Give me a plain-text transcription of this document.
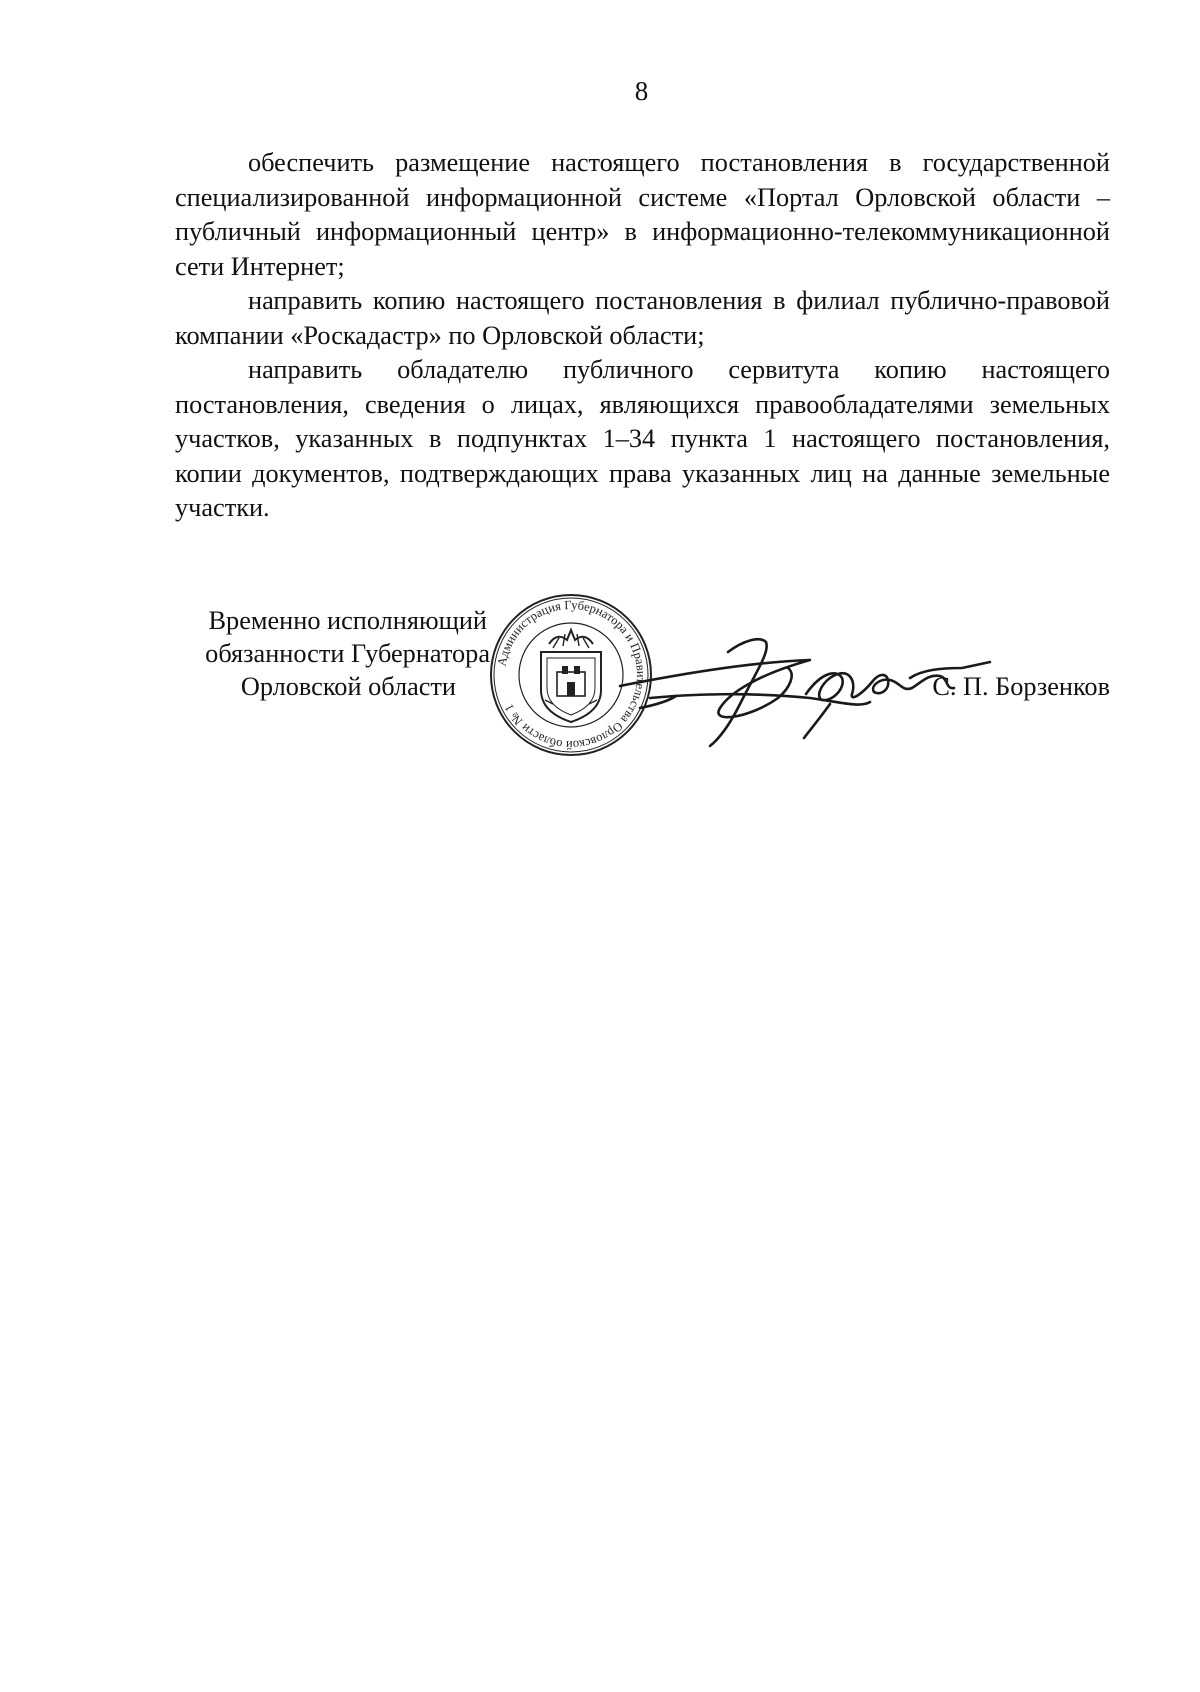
8

обеспечить размещение настоящего постановления в государственной специализированной информационной системе «Портал Орловской области – публичный информационный центр» в информационно-телекоммуникационной сети Интернет;

направить копию настоящего постановления в филиал публично-правовой компании «Роскадастр» по Орловской области;

направить обладателю публичного сервитута копию настоящего постановления, сведения о лицах, являющихся правообладателями земельных участков, указанных в подпунктах 1–34 пункта 1 настоящего постановления, копии документов, подтверждающих права указанных лиц на данные земельные участки.

Временно исполняющий
обязанности Губернатора
Орловской области
Администрация Губернатора и Правительства Орловской области № 1
С. П. Борзенков
